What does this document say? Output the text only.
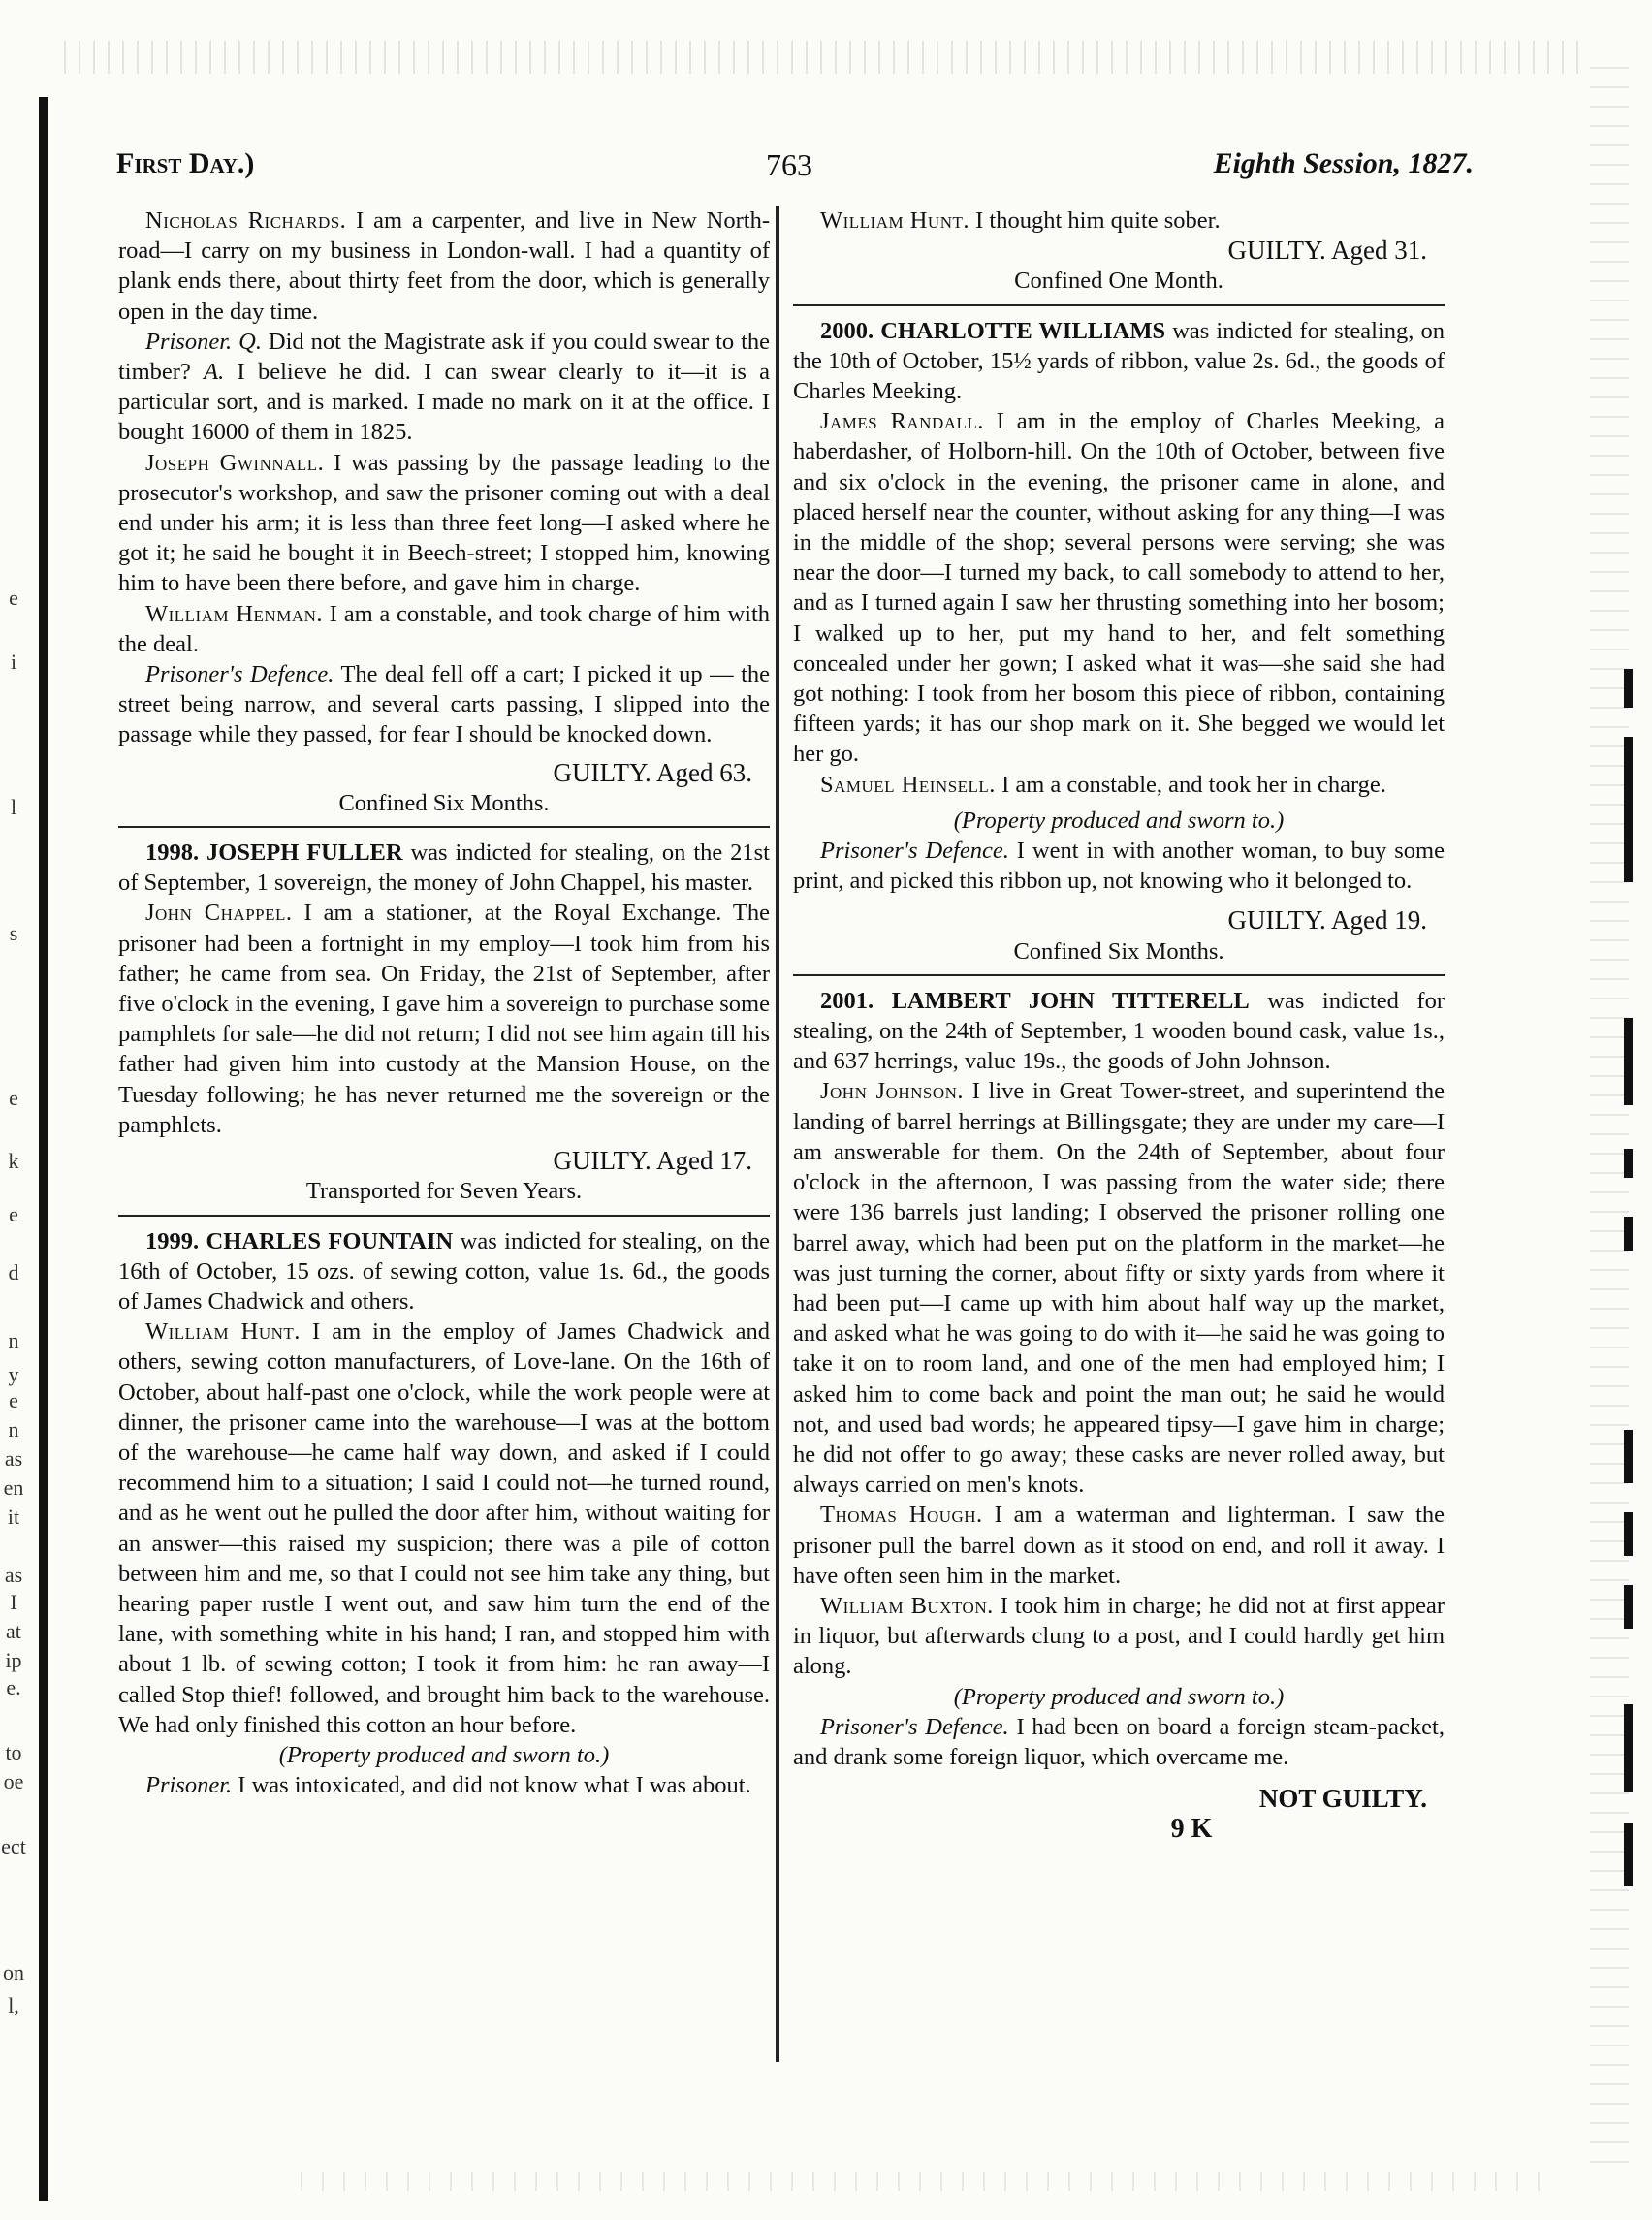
e
i
l
s
e
k
e
d
n
y
e
n
as
en
it
as
I
at
ip
e.
to
oe
ect
on
l,
First Day.)	763	Eighth Session, 1827.

Nicholas Richards. I am a carpenter, and live in New North-road—I carry on my business in London-wall. I had a quantity of plank ends there, about thirty feet from the door, which is generally open in the day time.

Prisoner. Q. Did not the Magistrate ask if you could swear to the timber? A. I believe he did. I can swear clearly to it—it is a particular sort, and is marked. I made no mark on it at the office. I bought 16000 of them in 1825.

Joseph Gwinnall. I was passing by the passage leading to the prosecutor's workshop, and saw the prisoner coming out with a deal end under his arm; it is less than three feet long—I asked where he got it; he said he bought it in Beech-street; I stopped him, knowing him to have been there before, and gave him in charge.

William Henman. I am a constable, and took charge of him with the deal.

Prisoner's Defence. The deal fell off a cart; I picked it up — the street being narrow, and several carts passing, I slipped into the passage while they passed, for fear I should be knocked down.

GUILTY. Aged 63.

Confined Six Months.

1998. JOSEPH FULLER was indicted for stealing, on the 21st of September, 1 sovereign, the money of John Chappel, his master.

John Chappel. I am a stationer, at the Royal Exchange. The prisoner had been a fortnight in my employ—I took him from his father; he came from sea. On Friday, the 21st of September, after five o'clock in the evening, I gave him a sovereign to purchase some pamphlets for sale—he did not return; I did not see him again till his father had given him into custody at the Mansion House, on the Tuesday following; he has never returned me the sovereign or the pamphlets.

GUILTY. Aged 17.

Transported for Seven Years.

1999. CHARLES FOUNTAIN was indicted for stealing, on the 16th of October, 15 ozs. of sewing cotton, value 1s. 6d., the goods of James Chadwick and others.

William Hunt. I am in the employ of James Chadwick and others, sewing cotton manufacturers, of Love-lane. On the 16th of October, about half-past one o'clock, while the work people were at dinner, the prisoner came into the warehouse—I was at the bottom of the warehouse—he came half way down, and asked if I could recommend him to a situation; I said I could not—he turned round, and as he went out he pulled the door after him, without waiting for an answer—this raised my suspicion; there was a pile of cotton between him and me, so that I could not see him take any thing, but hearing paper rustle I went out, and saw him turn the end of the lane, with something white in his hand; I ran, and stopped him with about 1 lb. of sewing cotton; I took it from him: he ran away—I called Stop thief! followed, and brought him back to the warehouse. We had only finished this cotton an hour before.

(Property produced and sworn to.)

Prisoner. I was intoxicated, and did not know what I was about.

William Hunt. I thought him quite sober.

GUILTY. Aged 31.

Confined One Month.

2000. CHARLOTTE WILLIAMS was indicted for stealing, on the 10th of October, 15½ yards of ribbon, value 2s. 6d., the goods of Charles Meeking.

James Randall. I am in the employ of Charles Meeking, a haberdasher, of Holborn-hill. On the 10th of October, between five and six o'clock in the evening, the prisoner came in alone, and placed herself near the counter, without asking for any thing—I was in the middle of the shop; several persons were serving; she was near the door—I turned my back, to call somebody to attend to her, and as I turned again I saw her thrusting something into her bosom; I walked up to her, put my hand to her, and felt something concealed under her gown; I asked what it was—she said she had got nothing: I took from her bosom this piece of ribbon, containing fifteen yards; it has our shop mark on it. She begged we would let her go.

Samuel Heinsell. I am a constable, and took her in charge.

(Property produced and sworn to.)

Prisoner's Defence. I went in with another woman, to buy some print, and picked this ribbon up, not knowing who it belonged to.

GUILTY. Aged 19.

Confined Six Months.

2001. LAMBERT JOHN TITTERELL was indicted for stealing, on the 24th of September, 1 wooden bound cask, value 1s., and 637 herrings, value 19s., the goods of John Johnson.

John Johnson. I live in Great Tower-street, and superintend the landing of barrel herrings at Billingsgate; they are under my care—I am answerable for them. On the 24th of September, about four o'clock in the afternoon, I was passing from the water side; there were 136 barrels just landing; I observed the prisoner rolling one barrel away, which had been put on the platform in the market—he was just turning the corner, about fifty or sixty yards from where it had been put—I came up with him about half way up the market, and asked what he was going to do with it—he said he was going to take it on to room land, and one of the men had employed him; I asked him to come back and point the man out; he said he would not, and used bad words; he appeared tipsy—I gave him in charge; he did not offer to go away; these casks are never rolled away, but always carried on men's knots.

Thomas Hough. I am a waterman and lighterman. I saw the prisoner pull the barrel down as it stood on end, and roll it away. I have often seen him in the market.

William Buxton. I took him in charge; he did not at first appear in liquor, but afterwards clung to a post, and I could hardly get him along.

(Property produced and sworn to.)

Prisoner's Defence. I had been on board a foreign steam-packet, and drank some foreign liquor, which overcame me.

NOT GUILTY.

9 K
